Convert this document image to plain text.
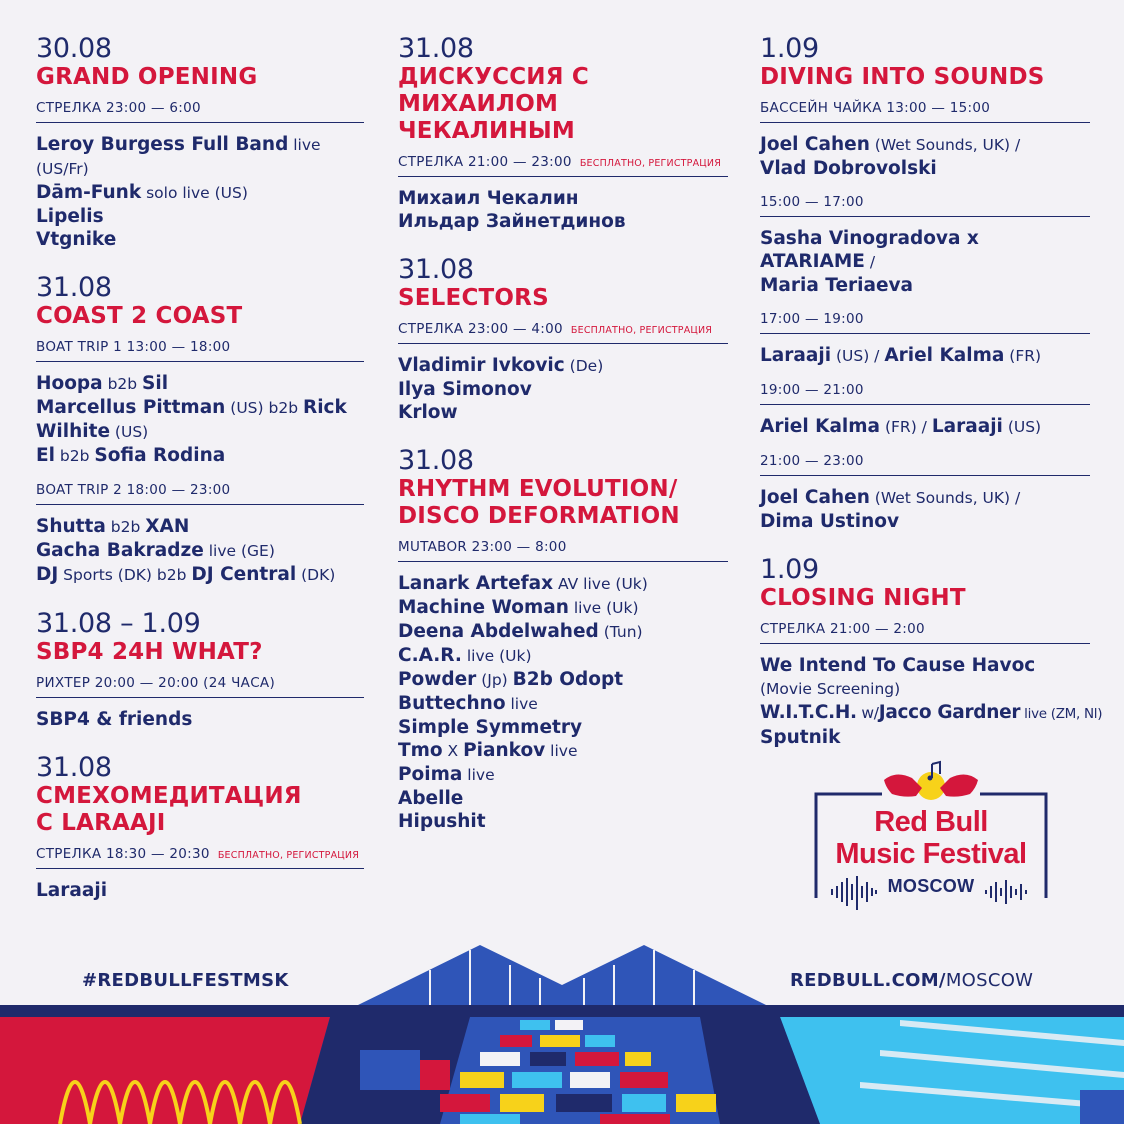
30.08
GRAND OPENING
СТРЕЛКА 23:00 — 6:00
Leroy Burgess Full Band live (US/Fr)
Dām-Funk solo live (US)
Lipelis
Vtgnike
31.08
COAST 2 COAST
BOAT TRIP 1 13:00 — 18:00
Hoopa b2b Sil
Marcellus Pittman (US) b2b Rick
Wilhite (US)
El b2b Sofia Rodina
BOAT TRIP 2 18:00 — 23:00
Shutta b2b XAN
Gacha Bakradze live (GE)
DJ Sports (DK) b2b DJ Central (DK)
31.08 – 1.09
SBP4 24H WHAT?
РИХТЕР 20:00 — 20:00 (24 ЧАСА)
SBP4 & friends
31.08
СМЕХОМЕДИТАЦИЯ
С LARAAJI
СТРЕЛКА 18:30 — 20:30 БЕСПЛАТНО, РЕГИСТРАЦИЯ
Laraaji
31.08
ДИСКУССИЯ С
МИХАИЛОМ ЧЕКАЛИНЫМ
СТРЕЛКА 21:00 — 23:00 БЕСПЛАТНО, РЕГИСТРАЦИЯ
Михаил Чекалин
Ильдар Зайнетдинов
31.08
SELECTORS
СТРЕЛКА 23:00 — 4:00 БЕСПЛАТНО, РЕГИСТРАЦИЯ
Vladimir Ivkovic (De)
Ilya Simonov
Krlow
31.08
RHYTHM EVOLUTION/
DISCO DEFORMATION
MUTABOR 23:00 — 8:00
Lanark Artefax AV live (Uk)
Machine Woman live (Uk)
Deena Abdelwahed (Tun)
C.A.R. live (Uk)
Powder (Jp) B2b Odopt
Buttechno live
Simple Symmetry
Tmo X Piankov live
Poima live
Abelle
Hipushit
1.09
DIVING INTO SOUNDS
БАССЕЙН ЧАЙКА 13:00 — 15:00
Joel Cahen (Wet Sounds, UK) /
Vlad Dobrovolski
15:00 — 17:00
Sasha Vinogradova x ATARIAME /
Maria Teriaeva
17:00 — 19:00
Laraaji (US) / Ariel Kalma (FR)
19:00 — 21:00
Ariel Kalma (FR) / Laraaji (US)
21:00 — 23:00
Joel Cahen (Wet Sounds, UK) /
Dima Ustinov
1.09
CLOSING NIGHT
СТРЕЛКА 21:00 — 2:00
We Intend To Cause Havoc
(Movie Screening)
W.I.T.C.H. w/Jacco Gardner live (ZM, Nl)
Sputnik
Red Bull
Music Festival
MOSCOW
#REDBULLFESTMSK	REDBULL.COM/MOSCOW
